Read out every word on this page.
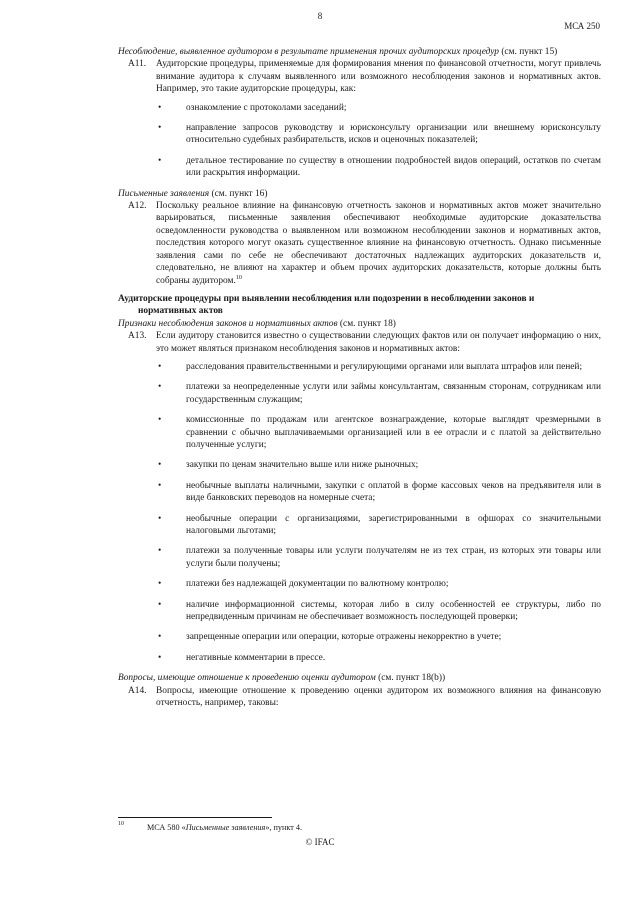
8
МСА 250

Несоблюдение, выявленное аудитором в результате применения прочих аудиторских процедур (см. пункт 15)

A11. Аудиторские процедуры, применяемые для формирования мнения по финансовой отчетности, могут привлечь внимание аудитора к случаям выявленного или возможного несоблюдения законов и нормативных актов. Например, это такие аудиторские процедуры, как:

•	ознакомление с протоколами заседаний;
•	направление запросов руководству и юрисконсульту организации или внешнему юрисконсульту относительно судебных разбирательств, исков и оценочных показателей;
•	детальное тестирование по существу в отношении подробностей видов операций, остатков по счетам или раскрытия информации.

Письменные заявления (см. пункт 16)

A12. Поскольку реальное влияние на финансовую отчетность законов и нормативных актов может значительно варьироваться, письменные заявления обеспечивают необходимые аудиторские доказательства осведомленности руководства о выявленном или возможном несоблюдении законов и нормативных актов, последствия которого могут оказать существенное влияние на финансовую отчетность. Однако письменные заявления сами по себе не обеспечивают достаточных надлежащих аудиторских доказательств и, следовательно, не влияют на характер и объем прочих аудиторских доказательств, которые должны быть собраны аудитором.$^{10}$

Аудиторские процедуры при выявлении несоблюдения или подозрении в несоблюдении законов и
нормативных актов

Признаки несоблюдения законов и нормативных актов (см. пункт 18)

A13. Если аудитору становится известно о существовании следующих фактов или он получает информацию о них, это может являться признаком несоблюдения законов и нормативных актов:

•	расследования правительственными и регулирующими органами или выплата штрафов или пеней;
•	платежи за неопределенные услуги или займы консультантам, связанным сторонам, сотрудникам или государственным служащим;
•	комиссионные по продажам или агентское вознаграждение, которые выглядят чрезмерными в сравнении с обычно выплачиваемыми организацией или в ее отрасли и с платой за действительно полученные услуги;
•	закупки по ценам значительно выше или ниже рыночных;
•	необычные выплаты наличными, закупки с оплатой в форме кассовых чеков на предъявителя или в виде банковских переводов на номерные счета;
•	необычные операции с организациями, зарегистрированными в офшорах со значительными налоговыми льготами;
•	платежи за полученные товары или услуги получателям не из тех стран, из которых эти товары или услуги были получены;
•	платежи без надлежащей документации по валютному контролю;
•	наличие информационной системы, которая либо в силу особенностей ее структуры, либо по непредвиденным причинам не обеспечивает возможность последующей проверки;
•	запрещенные операции или операции, которые отражены некорректно в учете;
•	негативные комментарии в прессе.

Вопросы, имеющие отношение к проведению оценки аудитором (см. пункт 18(b))

A14. Вопросы, имеющие отношение к проведению оценки аудитором их возможного влияния на финансовую отчетность, например, таковы:

10	МСА 580 «Письменные заявления», пункт 4.
© IFAC
